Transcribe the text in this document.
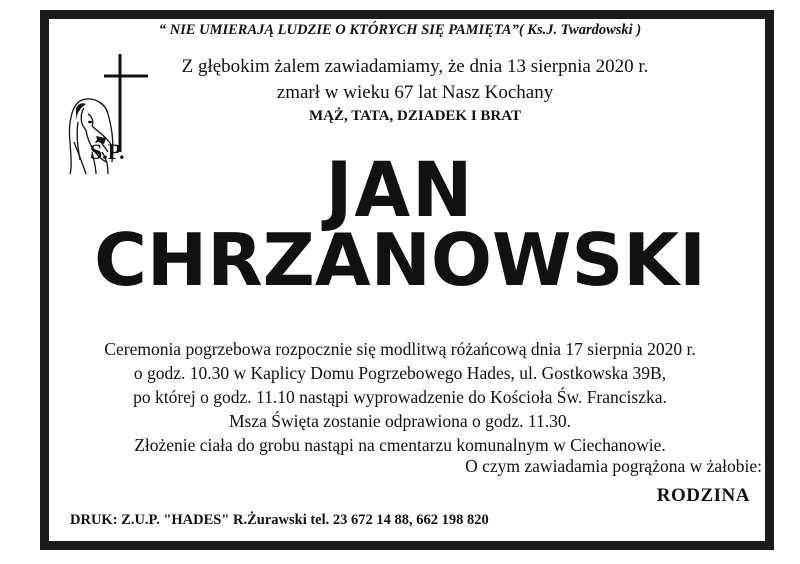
“ NIE UMIERAJĄ LUDZIE O KTÓRYCH SIĘ PAMIĘTA”( Ks.J. Twardowski )
Z głębokim żalem zawiadamiamy, że dnia 13 sierpnia 2020 r.
zmarł w wieku 67 lat Nasz Kochany
MĄŻ, TATA, DZIADEK I BRAT
Ś.P.	JAN
CHRZANOWSKI
Ceremonia pogrzebowa rozpocznie się modlitwą różańcową dnia 17 sierpnia 2020 r.
o godz. 10.30 w Kaplicy Domu Pogrzebowego Hades, ul. Gostkowska 39B,
po której o godz. 11.10 nastąpi wyprowadzenie do Kościoła Św. Franciszka.
Msza Święta zostanie odprawiona o godz. 11.30.
Złożenie ciała do grobu nastąpi na cmentarzu komunalnym w Ciechanowie.
O czym zawiadamia pogrążona w żałobie:
RODZINA
DRUK: Z.U.P. "HADES" R.Żurawski tel. 23 672 14 88, 662 198 820
